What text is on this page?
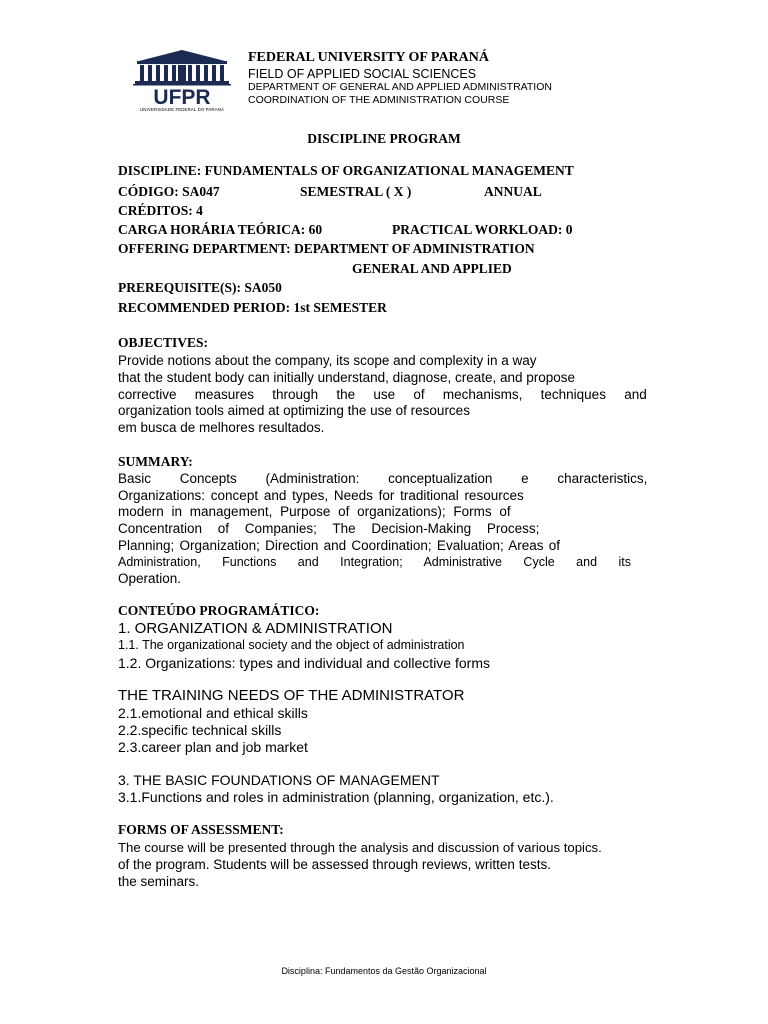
UFPR
UNIVERSIDADE FEDERAL DO PARANÁ
FEDERAL UNIVERSITY OF PARANÁ
FIELD OF APPLIED SOCIAL SCIENCES
DEPARTMENT OF GENERAL AND APPLIED ADMINISTRATION
COORDINATION OF THE ADMINISTRATION COURSE
DISCIPLINE PROGRAM
DISCIPLINE: FUNDAMENTALS OF ORGANIZATIONAL MANAGEMENT
CÓDIGO: SA047	SEMESTRAL ( X )	ANNUAL
CRÉDITOS: 4
CARGA HORÁRIA TEÓRICA: 60	PRACTICAL WORKLOAD: 0
OFFERING DEPARTMENT: DEPARTMENT OF ADMINISTRATION
GENERAL AND APPLIED
PREREQUISITE(S): SA050
RECOMMENDED PERIOD: 1st SEMESTER
OBJECTIVES:
Provide notions about the company, its scope and complexity in a way
that the student body can initially understand, diagnose, create, and propose
corrective measures through the use of mechanisms, techniques and
organization tools aimed at optimizing the use of resources
em busca de melhores resultados.
SUMMARY:
Basic Concepts (Administration: conceptualization e characteristics,
Organizations: concept and types, Needs for traditional resources
modern in management, Purpose of organizations); Forms of
Concentration of Companies; The Decision-Making Process;
Planning; Organization; Direction and Coordination; Evaluation; Areas of
Administration, Functions and Integration; Administrative Cycle and its
Operation.
CONTEÚDO PROGRAMÁTICO:
1. ORGANIZATION & ADMINISTRATION
1.1. The organizational society and the object of administration
1.2. Organizations: types and individual and collective forms
THE TRAINING NEEDS OF THE ADMINISTRATOR
2.1.emotional and ethical skills
2.2.specific technical skills
2.3.career plan and job market
3. THE BASIC FOUNDATIONS OF MANAGEMENT
3.1.Functions and roles in administration (planning, organization, etc.).
FORMS OF ASSESSMENT:
The course will be presented through the analysis and discussion of various topics.
of the program. Students will be assessed through reviews, written tests.
the seminars.
Disciplina: Fundamentos da Gestão Organizacional
